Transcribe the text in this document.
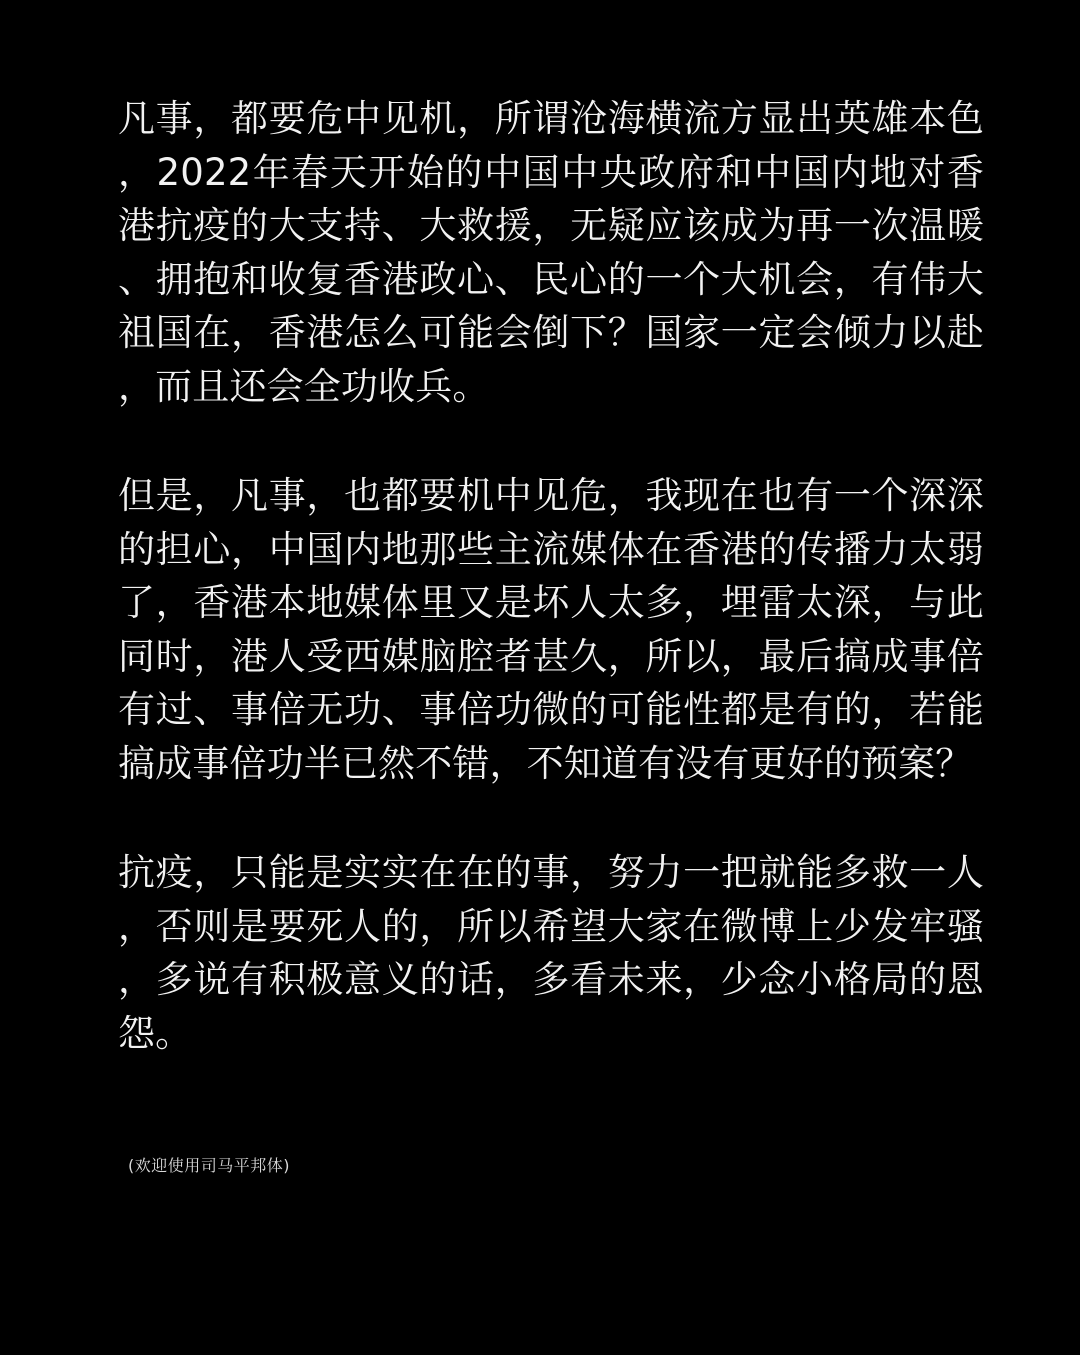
凡事，都要危中见机，所谓沧海横流方显出英雄本色，2022年春天开始的中国中央政府和中国内地对香港抗疫的大支持、大救援，无疑应该成为再一次温暖、拥抱和收复香港政心、民心的一个大机会，有伟大祖国在，香港怎么可能会倒下？国家一定会倾力以赴，而且还会全功收兵。

但是，凡事，也都要机中见危，我现在也有一个深深的担心，中国内地那些主流媒体在香港的传播力太弱了，香港本地媒体里又是坏人太多，埋雷太深，与此同时，港人受西媒脑腔者甚久，所以，最后搞成事倍有过、事倍无功、事倍功微的可能性都是有的，若能搞成事倍功半已然不错，不知道有没有更好的预案？

抗疫，只能是实实在在的事，努力一把就能多救一人，否则是要死人的，所以希望大家在微博上少发牢骚，多说有积极意义的话，多看未来，少念小格局的恩怨。

(欢迎使用司马平邦体)
